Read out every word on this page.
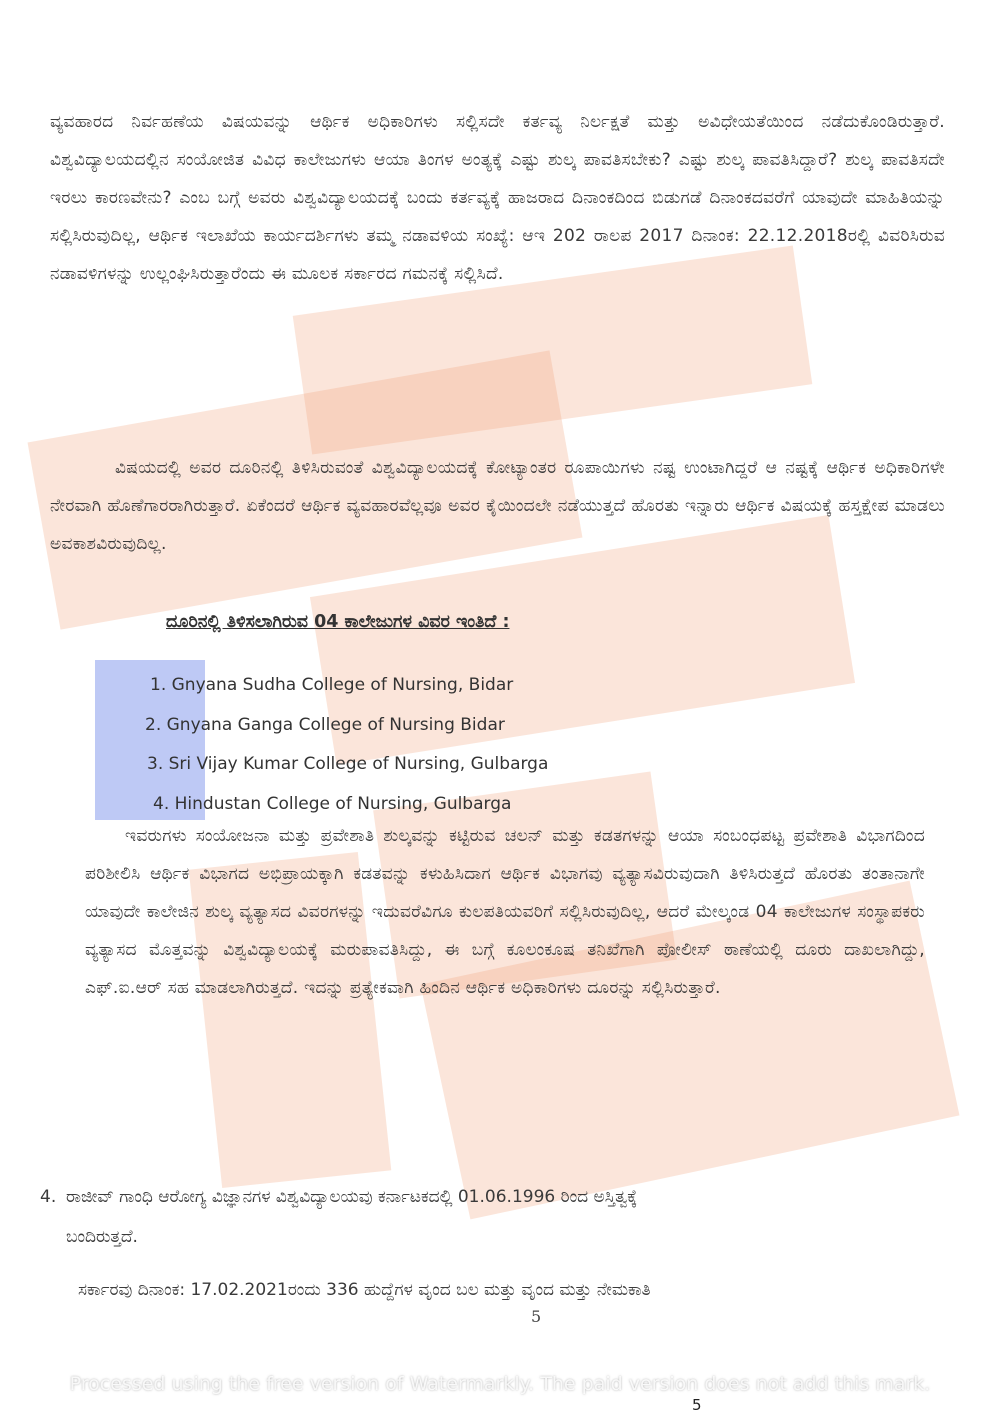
ವ್ಯವಹಾರದ ನಿರ್ವಹಣೆಯ ವಿಷಯವನ್ನು ಆರ್ಥಿಕ ಅಧಿಕಾರಿಗಳು ಸಲ್ಲಿಸದೇ ಕರ್ತವ್ಯ ನಿರ್ಲಕ್ಷತೆ ಮತ್ತು ಅವಿಧೇಯತೆಯಿಂದ ನಡೆದುಕೊಂಡಿರುತ್ತಾರೆ. ವಿಶ್ವವಿದ್ಯಾಲಯದಲ್ಲಿನ ಸಂಯೋಜಿತ ವಿವಿಧ ಕಾಲೇಜುಗಳು ಆಯಾ ತಿಂಗಳ ಅಂತ್ಯಕ್ಕೆ ಎಷ್ಟು ಶುಲ್ಕ ಪಾವತಿಸಬೇಕು? ಎಷ್ಟು ಶುಲ್ಕ ಪಾವತಿಸಿದ್ದಾರೆ? ಶುಲ್ಕ ಪಾವತಿಸದೇ ಇರಲು ಕಾರಣವೇನು? ಎಂಬ ಬಗ್ಗೆ ಅವರು ವಿಶ್ವವಿದ್ಯಾಲಯದಕ್ಕೆ ಬಂದು ಕರ್ತವ್ಯಕ್ಕೆ ಹಾಜರಾದ ದಿನಾಂಕದಿಂದ ಬಿಡುಗಡೆ ದಿನಾಂಕದವರೆಗೆ ಯಾವುದೇ ಮಾಹಿತಿಯನ್ನು ಸಲ್ಲಿಸಿರುವುದಿಲ್ಲ, ಆರ್ಥಿಕ ಇಲಾಖೆಯ ಕಾರ್ಯದರ್ಶಿಗಳು ತಮ್ಮ ನಡಾವಳಿಯ ಸಂಖ್ಯೆ: ಆಇ 202 ರಾಲಪ 2017 ದಿನಾಂಕ: 22.12.2018ರಲ್ಲಿ ವಿವರಿಸಿರುವ ನಡಾವಳಿಗಳನ್ನು ಉಲ್ಲಂಘಿಸಿರುತ್ತಾರೆಂದು ಈ ಮೂಲಕ ಸರ್ಕಾರದ ಗಮನಕ್ಕೆ ಸಲ್ಲಿಸಿದೆ.
ವಿಷಯದಲ್ಲಿ ಅವರ ದೂರಿನಲ್ಲಿ ತಿಳಿಸಿರುವಂತೆ ವಿಶ್ವವಿದ್ಯಾಲಯದಕ್ಕೆ ಕೋಟ್ಯಾಂತರ ರೂಪಾಯಿಗಳು ನಷ್ಟ ಉಂಟಾಗಿದ್ದರೆ ಆ ನಷ್ಟಕ್ಕೆ ಆರ್ಥಿಕ ಅಧಿಕಾರಿಗಳೇ ನೇರವಾಗಿ ಹೊಣೆಗಾರರಾಗಿರುತ್ತಾರೆ. ಏಕೆಂದರೆ ಆರ್ಥಿಕ ವ್ಯವಹಾರವೆಲ್ಲವೂ ಅವರ ಕೈಯಿಂದಲೇ ನಡೆಯುತ್ತದೆ ಹೊರತು ಇನ್ನಾರು ಆರ್ಥಿಕ ವಿಷಯಕ್ಕೆ ಹಸ್ತಕ್ಷೇಪ ಮಾಡಲು ಅವಕಾಶವಿರುವುದಿಲ್ಲ.
ದೂರಿನಲ್ಲಿ ತಿಳಿಸಲಾಗಿರುವ 04 ಕಾಲೇಜುಗಳ ವಿವರ ಇಂತಿದೆ :
1. Gnyana Sudha College of Nursing, Bidar
2. Gnyana Ganga College of Nursing Bidar
3. Sri Vijay Kumar College of Nursing, Gulbarga
4. Hindustan College of Nursing, Gulbarga
ಇವರುಗಳು ಸಂಯೋಜನಾ ಮತ್ತು ಪ್ರವೇಶಾತಿ ಶುಲ್ಕವನ್ನು ಕಟ್ಟಿರುವ ಚಲನ್ ಮತ್ತು ಕಡತಗಳನ್ನು ಆಯಾ ಸಂಬಂಧಪಟ್ಟ ಪ್ರವೇಶಾತಿ ವಿಭಾಗದಿಂದ ಪರಿಶೀಲಿಸಿ ಆರ್ಥಿಕ ವಿಭಾಗದ ಅಭಿಪ್ರಾಯಕ್ಕಾಗಿ ಕಡತವನ್ನು ಕಳುಹಿಸಿದಾಗ ಆರ್ಥಿಕ ವಿಭಾಗವು ವ್ಯತ್ಯಾಸವಿರುವುದಾಗಿ ತಿಳಿಸಿರುತ್ತದೆ ಹೊರತು ತಂತಾನಾಗೇ ಯಾವುದೇ ಕಾಲೇಜಿನ ಶುಲ್ಕ ವ್ಯತ್ಯಾಸದ ವಿವರಗಳನ್ನು ಇದುವರೆವಿಗೂ ಕುಲಪತಿಯವರಿಗೆ ಸಲ್ಲಿಸಿರುವುದಿಲ್ಲ, ಆದರೆ ಮೇಲ್ಕಂಡ 04 ಕಾಲೇಜುಗಳ ಸಂಸ್ಥಾಪಕರು ವ್ಯತ್ಯಾಸದ ಮೊತ್ತವನ್ನು ವಿಶ್ವವಿದ್ಯಾಲಯಕ್ಕೆ ಮರುಪಾವತಿಸಿದ್ದು, ಈ ಬಗ್ಗೆ ಕೂಲಂಕೂಷ ತನಿಖೆಗಾಗಿ ಪೋಲೀಸ್ ಠಾಣೆಯಲ್ಲಿ ದೂರು ದಾಖಲಾಗಿದ್ದು, ಎಫ್.ಐ.ಆರ್ ಸಹ ಮಾಡಲಾಗಿರುತ್ತದೆ. ಇದನ್ನು ಪ್ರತ್ಯೇಕವಾಗಿ ಹಿಂದಿನ ಆರ್ಥಿಕ ಅಧಿಕಾರಿಗಳು ದೂರನ್ನು ಸಲ್ಲಿಸಿರುತ್ತಾರೆ.
4. ರಾಜೀವ್ ಗಾಂಧಿ ಆರೋಗ್ಯ ವಿಜ್ಞಾನಗಳ ವಿಶ್ವವಿದ್ಯಾಲಯವು ಕರ್ನಾಟಕದಲ್ಲಿ 01.06.1996 ರಿಂದ ಅಸ್ತಿತ್ವಕ್ಕೆ
ಬಂದಿರುತ್ತದೆ.
ಸರ್ಕಾರವು ದಿನಾಂಕ: 17.02.2021ರಂದು 336 ಹುದ್ದೆಗಳ ವೃಂದ ಬಲ ಮತ್ತು ವೃಂದ ಮತ್ತು ನೇಮಕಾತಿ
5
Processed using the free version of Watermarkly. The paid version does not add this mark.
5
